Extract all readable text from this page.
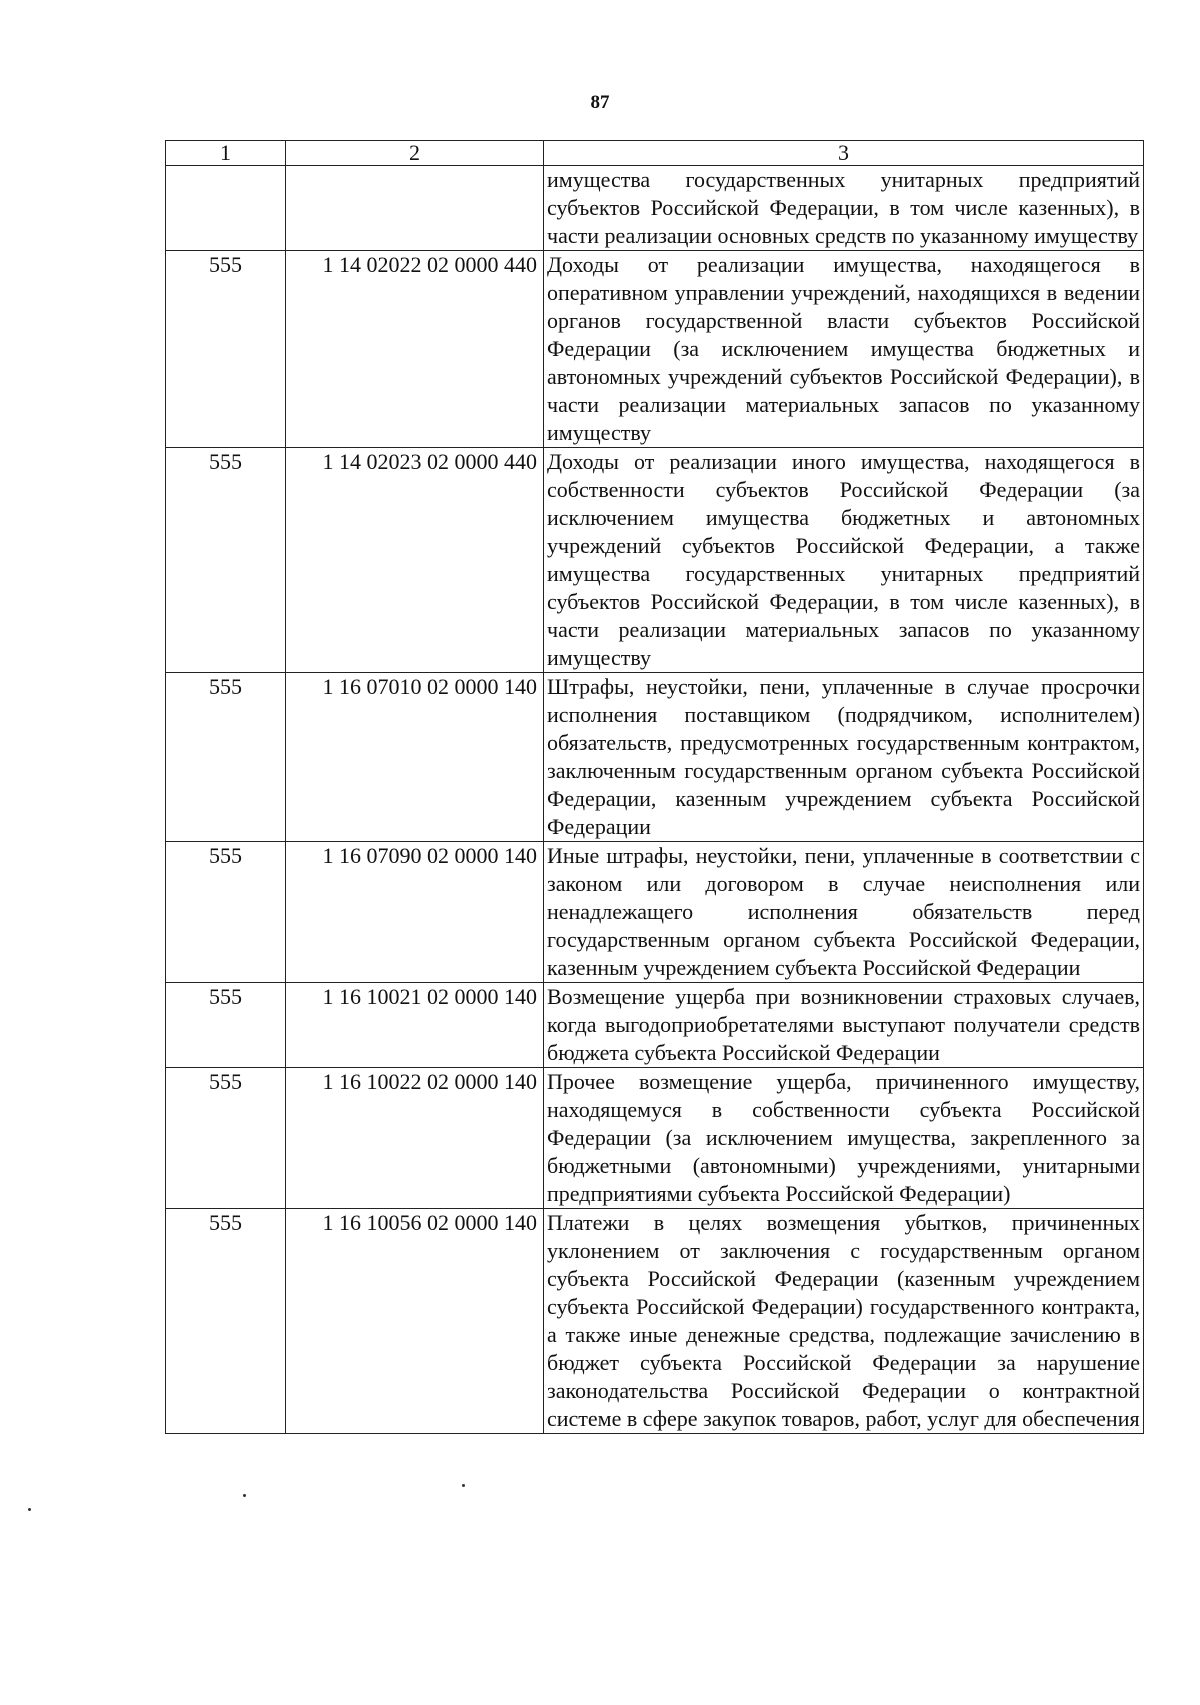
87
1	2	3
		имущества государственных унитарных предприятий субъектов Российской Федерации, в том числе казенных), в части реализации основных средств по указанному имуществу
555	1 14 02022 02 0000 440	Доходы от реализации имущества, находящегося в оперативном управлении учреждений, находящихся в ведении органов государственной власти субъектов Российской Федерации (за исключением имущества бюджетных и автономных учреждений субъектов Российской Федерации), в части реализации материальных запасов по указанному имуществу
555	1 14 02023 02 0000 440	Доходы от реализации иного имущества, находящегося в собственности субъектов Российской Федерации (за исключением имущества бюджетных и автономных учреждений субъектов Российской Федерации, а также имущества государственных унитарных предприятий субъектов Российской Федерации, в том числе казенных), в части реализации материальных запасов по указанному имуществу
555	1 16 07010 02 0000 140	Штрафы, неустойки, пени, уплаченные в случае просрочки исполнения поставщиком (подрядчиком, исполнителем) обязательств, предусмотренных государственным контрактом, заключенным государственным органом субъекта Российской Федерации, казенным учреждением субъекта Российской Федерации
555	1 16 07090 02 0000 140	Иные штрафы, неустойки, пени, уплаченные в соответствии с законом или договором в случае неисполнения или ненадлежащего исполнения обязательств перед государственным органом субъекта Российской Федерации, казенным учреждением субъекта Российской Федерации
555	1 16 10021 02 0000 140	Возмещение ущерба при возникновении страховых случаев, когда выгодоприобретателями выступают получатели средств бюджета субъекта Российской Федерации
555	1 16 10022 02 0000 140	Прочее возмещение ущерба, причиненного имуществу, находящемуся в собственности субъекта Российской Федерации (за исключением имущества, закрепленного за бюджетными (автономными) учреждениями, унитарными предприятиями субъекта Российской Федерации)
555	1 16 10056 02 0000 140	Платежи в целях возмещения убытков, причиненных уклонением от заключения с государственным органом субъекта Российской Федерации (казенным учреждением субъекта Российской Федерации) государственного контракта, а также иные денежные средства, подлежащие зачислению в бюджет субъекта Российской Федерации за нарушение законодательства Российской Федерации о контрактной системе в сфере закупок товаров, работ, услуг для обеспечения
